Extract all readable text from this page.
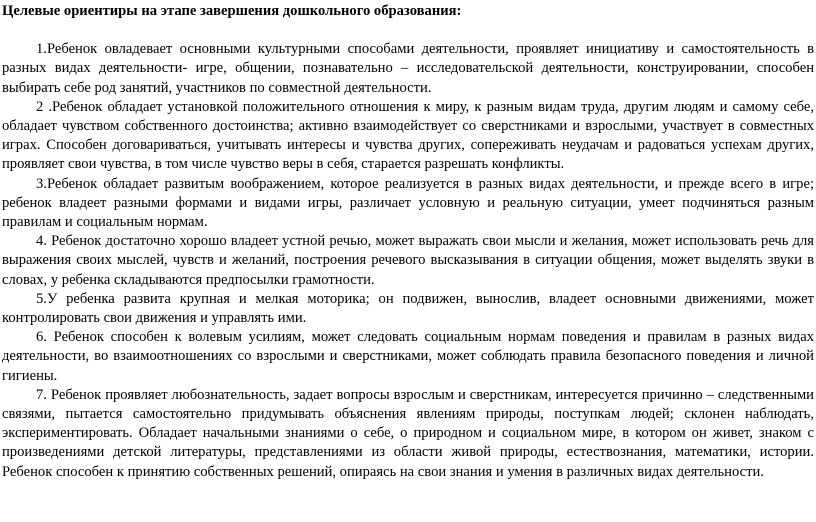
Целевые ориентиры на этапе завершения дошкольного образования:

1.Ребенок овладевает основными культурными способами деятельности, проявляет инициативу и самостоятельность в разных видах деятельности- игре, общении, познавательно – исследовательской деятельности, конструировании, способен выбирать себе род занятий, участников по совместной деятельности.

2 .Ребенок обладает установкой положительного отношения к миру, к разным видам труда, другим людям и самому себе, обладает чувством собственного достоинства; активно взаимодействует со сверстниками и взрослыми, участвует в совместных играх. Способен договариваться, учитывать интересы и чувства других, сопереживать неудачам и радоваться успехам других, проявляет свои чувства, в том числе чувство веры в себя, старается разрешать конфликты.

3.Ребенок обладает развитым воображением, которое реализуется в разных видах деятельности, и прежде всего в игре; ребенок владеет разными формами и видами игры, различает условную и реальную ситуации, умеет подчиняться разным правилам и социальным нормам.

4. Ребенок достаточно хорошо владеет устной речью, может выражать свои мысли и желания, может использовать речь для выражения своих мыслей, чувств и желаний, построения речевого высказывания в ситуации общения, может выделять звуки в словах, у ребенка складываются предпосылки грамотности.

5.У ребенка развита крупная и мелкая моторика; он подвижен, вынослив, владеет основными движениями, может контролировать свои движения и управлять ими.

6. Ребенок способен к волевым усилиям, может следовать социальным нормам поведения и правилам в разных видах деятельности, во взаимоотношениях со взрослыми и сверстниками, может соблюдать правила безопасного поведения и личной гигиены.

7. Ребенок проявляет любознательность, задает вопросы взрослым и сверстникам, интересуется причинно – следственными связями, пытается самостоятельно придумывать объяснения явлениям природы, поступкам людей; склонен наблюдать, экспериментировать. Обладает начальными знаниями о себе, о природном и социальном мире, в котором он живет, знаком с произведениями детской литературы, представлениями из области живой природы, естествознания, математики, истории. Ребенок способен к принятию собственных решений, опираясь на свои знания и умения в различных видах деятельности.
